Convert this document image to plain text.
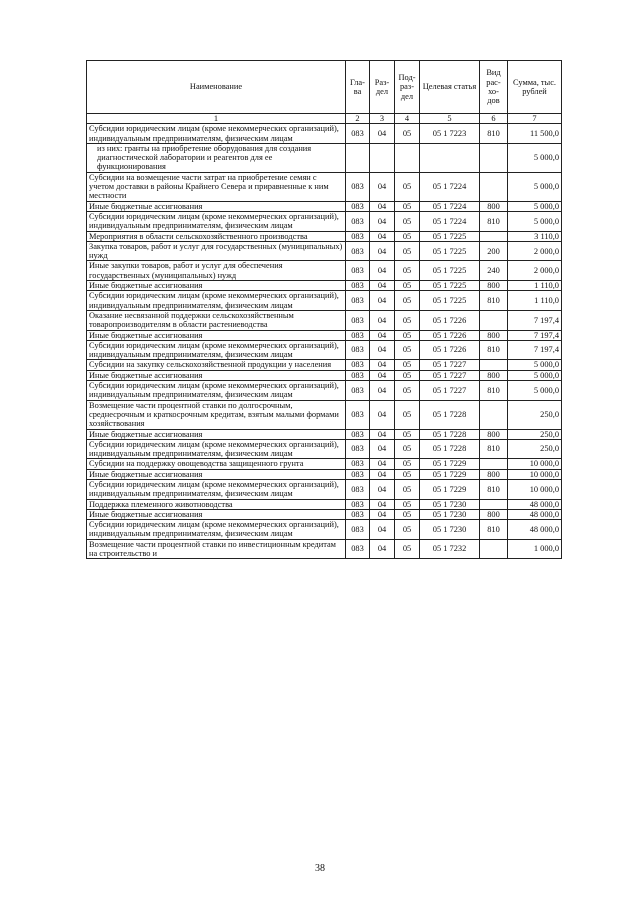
Наименование	Гла- ва	Раз- дел	Под- раз- дел	Целевая статья	Вид рас- хо- дов	Сумма, тыс. рублей
1	2	3	4	5	6	7
Субсидии юридическим лицам (кроме некоммерческих организаций), индивидуальным предпринимателям, физическим лицам	083	04	05	05 1 7223	810	11 500,0
из них: гранты на приобретение оборудования для создания диагностической лаборатории и реагентов для ее функционирования						5 000,0
Субсидии на возмещение части затрат на приобретение семян с учетом доставки в районы Крайнего Севера и приравненные к ним местности	083	04	05	05 1 7224		5 000,0
Иные бюджетные ассигнования	083	04	05	05 1 7224	800	5 000,0
Субсидии юридическим лицам (кроме некоммерческих организаций), индивидуальным предпринимателям, физическим лицам	083	04	05	05 1 7224	810	5 000,0
Мероприятия в области сельскохозяйственного производства	083	04	05	05 1 7225		3 110,0
Закупка товаров, работ и услуг для государственных (муниципальных) нужд	083	04	05	05 1 7225	200	2 000,0
Иные закупки товаров, работ и услуг для обеспечения государственных (муниципальных) нужд	083	04	05	05 1 7225	240	2 000,0
Иные бюджетные ассигнования	083	04	05	05 1 7225	800	1 110,0
Субсидии юридическим лицам (кроме некоммерческих организаций), индивидуальным предпринимателям, физическим лицам	083	04	05	05 1 7225	810	1 110,0
Оказание несвязанной поддержки сельскохозяйственным товаропроизводителям в области растениеводства	083	04	05	05 1 7226		7 197,4
Иные бюджетные ассигнования	083	04	05	05 1 7226	800	7 197,4
Субсидии юридическим лицам (кроме некоммерческих организаций), индивидуальным предпринимателям, физическим лицам	083	04	05	05 1 7226	810	7 197,4
Субсидии на закупку сельскохозяйственной продукции у населения	083	04	05	05 1 7227		5 000,0
Иные бюджетные ассигнования	083	04	05	05 1 7227	800	5 000,0
Субсидии юридическим лицам (кроме некоммерческих организаций), индивидуальным предпринимателям, физическим лицам	083	04	05	05 1 7227	810	5 000,0
Возмещение части процентной ставки по долгосрочным, среднесрочным и краткосрочным кредитам, взятым малыми формами хозяйствования	083	04	05	05 1 7228		250,0
Иные бюджетные ассигнования	083	04	05	05 1 7228	800	250,0
Субсидии юридическим лицам (кроме некоммерческих организаций), индивидуальным предпринимателям, физическим лицам	083	04	05	05 1 7228	810	250,0
Субсидии на поддержку овощеводства защищенного грунта	083	04	05	05 1 7229		10 000,0
Иные бюджетные ассигнования	083	04	05	05 1 7229	800	10 000,0
Субсидии юридическим лицам (кроме некоммерческих организаций), индивидуальным предпринимателям, физическим лицам	083	04	05	05 1 7229	810	10 000,0
Поддержка племенного животноводства	083	04	05	05 1 7230		48 000,0
Иные бюджетные ассигнования	083	04	05	05 1 7230	800	48 000,0
Субсидии юридическим лицам (кроме некоммерческих организаций), индивидуальным предпринимателям, физическим лицам	083	04	05	05 1 7230	810	48 000,0
Возмещение части процентной ставки по инвестиционным кредитам на строительство и	083	04	05	05 1 7232		1 000,0
38
